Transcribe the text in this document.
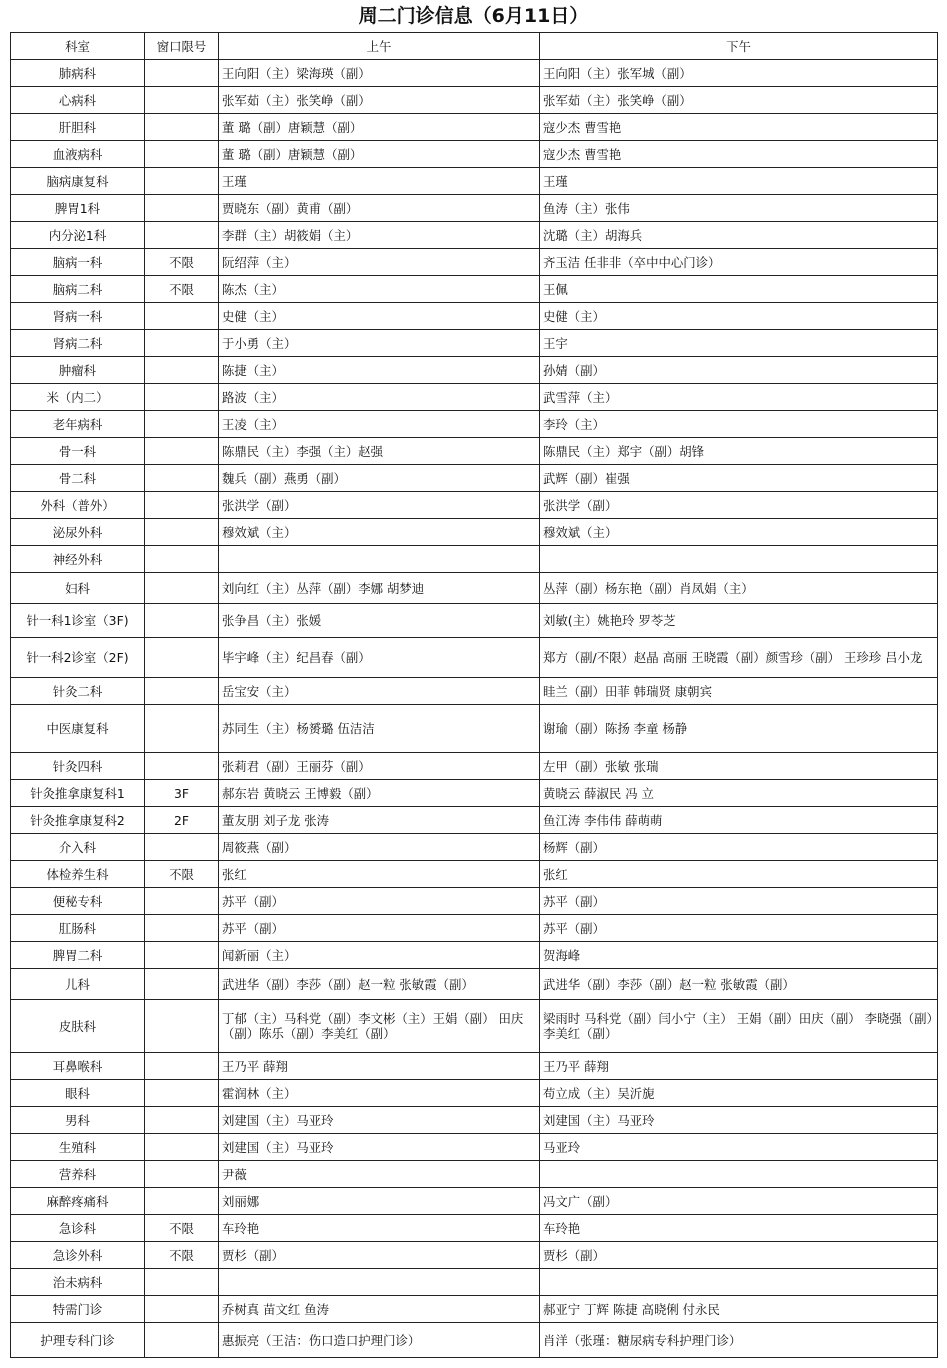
周二门诊信息（6月11日）
科室	窗口限号	上午	下午
肺病科		王向阳（主）梁海瑛（副）	王向阳（主）张军城（副）
心病科		张军茹（主）张笑峥（副）	张军茹（主）张笑峥（副）
肝胆科		董 璐（副）唐颖慧（副）	寇少杰 曹雪艳
血液病科		董 璐（副）唐颖慧（副）	寇少杰 曹雪艳
脑病康复科		王瑾	王瑾
脾胃1科		贾晓东（副）黄甫（副）	鱼涛（主）张伟
内分泌1科		李群（主）胡筱娟（主）	沈璐（主）胡海兵
脑病一科	不限	阮绍萍（主）	齐玉洁 任非非（卒中中心门诊）
脑病二科	不限	陈杰（主）	王佩
肾病一科		史健（主）	史健（主）
肾病二科		于小勇（主）	王宇
肿瘤科		陈捷（主）	孙婧（副）
米（内二）		路波（主）	武雪萍（主）
老年病科		王凌（主）	李玲（主）
骨一科		陈鼎民（主）李强（主）赵强	陈鼎民（主）郑宇（副）胡锋
骨二科		魏兵（副）燕勇（副）	武辉（副）崔强
外科（普外）		张洪学（副）	张洪学（副）
泌尿外科		穆效斌（主）	穆效斌（主）
神经外科			
妇科		刘向红（主）丛萍（副）李娜 胡梦迪	丛萍（副）杨东艳（副）肖凤娟（主）
针一科1诊室（3F)		张争昌（主）张媛	刘敏(主）姚艳玲 罗苓芝
针一科2诊室（2F)		毕宇峰（主）纪昌春（副）	郑方（副/不限）赵晶 高丽 王晓霞（副）颜雪珍（副） 王珍珍 吕小龙
针灸二科		岳宝安（主）	眭兰（副）田菲 韩瑞贤 康朝宾
中医康复科		苏同生（主）杨赟璐 伍洁洁	谢瑜（副）陈扬 李童 杨静
针灸四科		张莉君（副）王丽芬（副）	左甲（副）张敏 张瑞
针灸推拿康复科1	3F	郝东岩 黄晓云 王博毅（副）	黄晓云 薛淑民 冯 立
针灸推拿康复科2	2F	董友朋 刘子龙 张涛	鱼江涛 李伟伟 薛萌萌
介入科		周筱燕（副）	杨辉（副）
体检养生科	不限	张红	张红
便秘专科		苏平（副）	苏平（副）
肛肠科		苏平（副）	苏平（副）
脾胃二科		闻新丽（主）	贺海峰
儿科		武进华（副）李莎（副）赵一粒 张敏霞（副）	武进华（副）李莎（副）赵一粒 张敏霞（副）
皮肤科		丁郁（主）马科党（副）李文彬（主）王娟（副） 田庆（副）陈乐（副）李美红（副）	梁雨时 马科党（副）闫小宁（主） 王娟（副）田庆（副） 李晓强（副）李美红（副）
耳鼻喉科		王乃平 薛翔	王乃平 薛翔
眼科		霍润林（主）	苟立成（主）吴沂旎
男科		刘建国（主）马亚玲	刘建国（主）马亚玲
生殖科		刘建国（主）马亚玲	马亚玲
营养科		尹薇	
麻醉疼痛科		刘丽娜	冯文广（副）
急诊科	不限	车玲艳	车玲艳
急诊外科	不限	贾杉（副）	贾杉（副）
治未病科			
特需门诊		乔树真 苗文红 鱼涛	郝亚宁 丁辉 陈捷 高晓俐 付永民
护理专科门诊		惠振亮（王洁：伤口造口护理门诊）	肖洋（张瑾：糖尿病专科护理门诊）
